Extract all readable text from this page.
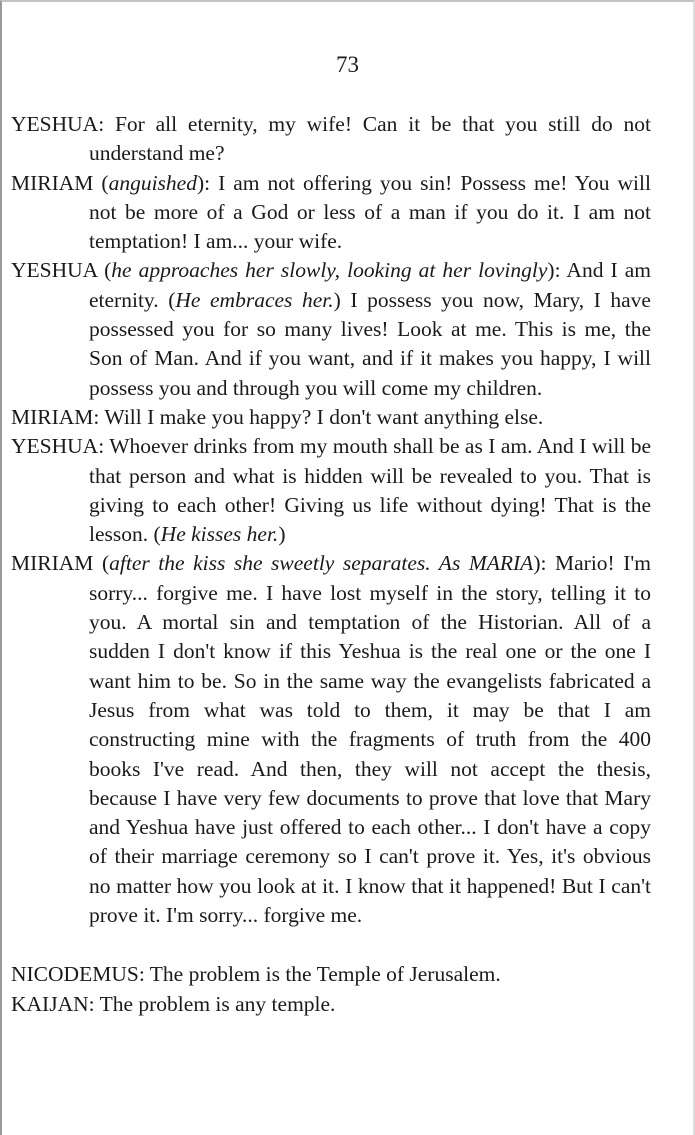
73

YESHUA: For all eternity, my wife! Can it be that you still do not understand me?

MIRIAM (anguished): I am not offering you sin! Possess me! You will not be more of a God or less of a man if you do it. I am not temptation! I am... your wife.

YESHUA (he approaches her slowly, looking at her lovingly): And I am eternity. (He embraces her.) I possess you now, Mary, I have possessed you for so many lives! Look at me. This is me, the Son of Man. And if you want, and if it makes you happy, I will possess you and through you will come my children.

MIRIAM: Will I make you happy? I don't want anything else.

YESHUA: Whoever drinks from my mouth shall be as I am. And I will be that person and what is hidden will be revealed to you. That is giving to each other! Giving us life without dying! That is the lesson. (He kisses her.)

MIRIAM (after the kiss she sweetly separates. As MARIA): Mario! I'm sorry... forgive me. I have lost myself in the story, telling it to you. A mortal sin and temptation of the Historian. All of a sudden I don't know if this Yeshua is the real one or the one I want him to be. So in the same way the evangelists fabricated a Jesus from what was told to them, it may be that I am constructing mine with the fragments of truth from the 400 books I've read. And then, they will not accept the thesis, because I have very few documents to prove that love that Mary and Yeshua have just offered to each other... I don't have a copy of their marriage ceremony so I can't prove it. Yes, it's obvious no matter how you look at it. I know that it happened! But I can't prove it. I'm sorry... forgive me.

NICODEMUS: The problem is the Temple of Jerusalem.

KAIJAN: The problem is any temple.
